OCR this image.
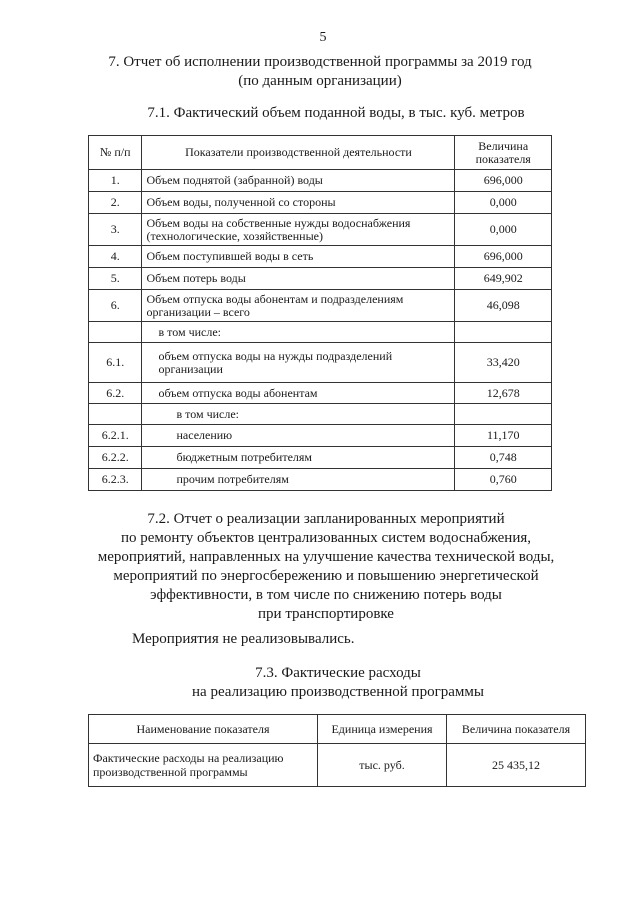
5
7. Отчет об исполнении производственной программы за 2019 год
(по данным организации)
7.1. Фактический объем поданной воды, в тыс. куб. метров
№ п/п	Показатели производственной деятельности	Величина показателя
1.	Объем поднятой (забранной) воды	696,000
2.	Объем воды, полученной со стороны	0,000
3.	Объем воды на собственные нужды водоснабжения (технологические, хозяйственные)	0,000
4.	Объем поступившей воды в сеть	696,000
5.	Объем потерь воды	649,902
6.	Объем отпуска воды абонентам и подразделениям организации – всего	46,098
	в том числе:	
6.1.	объем отпуска воды на нужды подразделений организации	33,420
6.2.	объем отпуска воды абонентам	12,678
	в том числе:	
6.2.1.	населению	11,170
6.2.2.	бюджетным потребителям	0,748
6.2.3.	прочим потребителям	0,760
7.2. Отчет о реализации запланированных мероприятий
по ремонту объектов централизованных систем водоснабжения,
мероприятий, направленных на улучшение качества технической воды,
мероприятий по энергосбережению и повышению энергетической
эффективности, в том числе по снижению потерь воды
при транспортировке
Мероприятия не реализовывались.
7.3. Фактические расходы
на реализацию производственной программы
Наименование показателя	Единица измерения	Величина показателя
Фактические расходы на реализацию производственной программы	тыс. руб.	25 435,12
